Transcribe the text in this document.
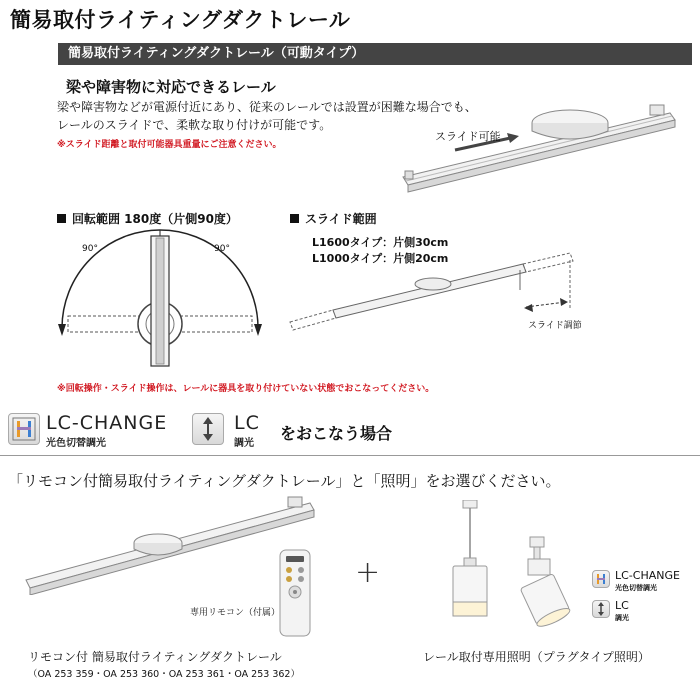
簡易取付ライティングダクトレール
簡易取付ライティングダクトレール（可動タイプ）
梁や障害物に対応できるレール
梁や障害物などが電源付近にあり、従来のレールでは設置が困難な場合でも、
レールのスライドで、柔軟な取り付けが可能です。
※スライド距離と取付可能器具重量にご注意ください。
スライド可能
回転範囲 180度（片側90度）
90°	90°
スライド範囲
L1600タイプ：片側30cm
L1000タイプ：片側20cm
スライド調節
※回転操作・スライド操作は、レールに器具を取り付けていない状態でおこなってください。
LC-CHANGE
光色切替調光
LC
調光
をおこなう場合
「リモコン付簡易取付ライティングダクトレール」と「照明」をお選びください。
専用リモコン（付属）
+	LC-CHANGE
光色切替調光
LC
調光
リモコン付 簡易取付ライティングダクトレール
（OA 253 359・OA 253 360・OA 253 361・OA 253 362）
レール取付専用照明（プラグタイプ照明）
